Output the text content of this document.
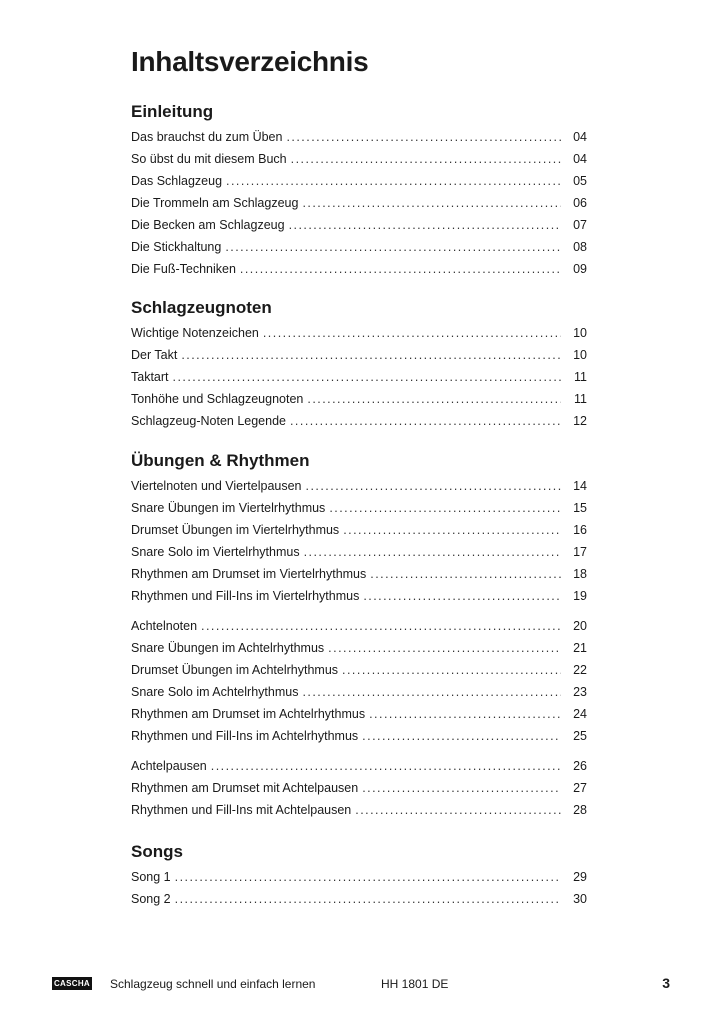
Inhaltsverzeichnis
Einleitung
Das brauchst du zum Üben . . .	04
So übst du mit diesem Buch . . .	04
Das Schlagzeug . . .	05
Die Trommeln am Schlagzeug . . .	06
Die Becken am Schlagzeug . . .	07
Die Stickhaltung . . .	08
Die Fuß-Techniken . . .	09
Schlagzeugnoten
Wichtige Notenzeichen . . .	10
Der Takt . . .	10
Taktart . . .	11
Tonhöhe und Schlagzeugnoten . . .	11
Schlagzeug-Noten Legende . . .	12
Übungen & Rhythmen
Viertelnoten und Viertelpausen . . .	14
Snare Übungen im Viertelrhythmus . . .	15
Drumset Übungen im Viertelrhythmus . . .	16
Snare Solo im Viertelrhythmus . . .	17
Rhythmen am Drumset im Viertelrhythmus . . .	18
Rhythmen und Fill-Ins im Viertelrhythmus . . .	19
Achtelnoten . . .	20
Snare Übungen im Achtelrhythmus . . .	21
Drumset Übungen im Achtelrhythmus . . .	22
Snare Solo im Achtelrhythmus . . .	23
Rhythmen am Drumset im Achtelrhythmus . . .	24
Rhythmen und Fill-Ins im Achtelrhythmus . . .	25
Achtelpausen . . .	26
Rhythmen am Drumset mit Achtelpausen . . .	27
Rhythmen und Fill-Ins mit Achtelpausen . . .	28
Songs
Song 1 . . .	29
Song 2 . . .	30
CASCHA Schlagzeug schnell und einfach lernen	HH 1801 DE	3
